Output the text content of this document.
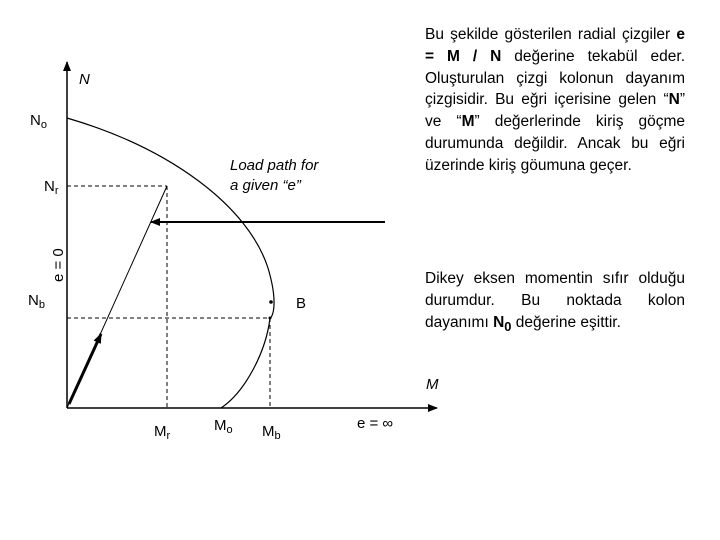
N
M
$N_o$
$N_r$
$N_b$
e = 0
$M_r$
$M_o$ $M_b$
e = ∞
B
Load path for
a given “e”
Bu şekilde gösterilen radial çizgiler e = M / N değerine tekabül eder. Oluşturulan çizgi kolonun dayanım çizgisidir. Bu eğri içerisine gelen “N” ve “M” değerlerinde kiriş göçme durumunda değildir. Ancak bu eğri üzerinde kiriş göumuna geçer.
Dikey eksen momentin sıfır olduğu durumdur. Bu noktada kolon dayanımı $N_0$ değerine eşittir.
